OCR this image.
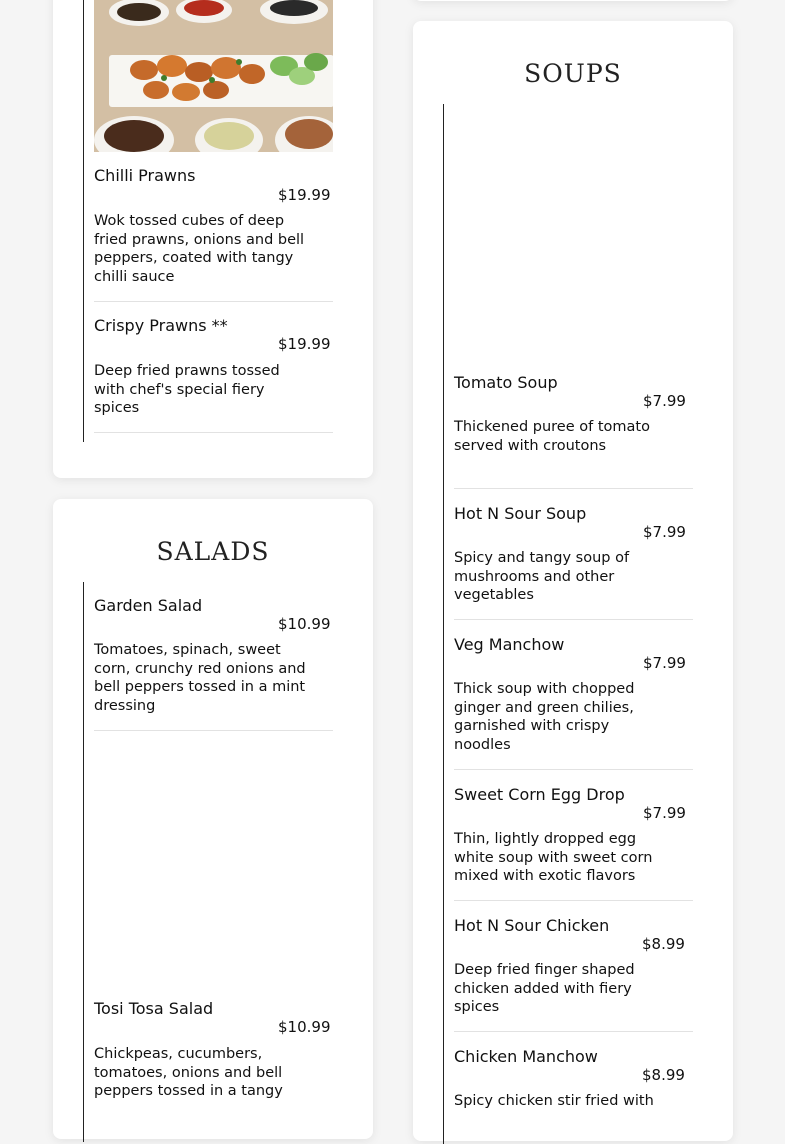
Chilli Prawns
$19.99
Wok tossed cubes of deep fried prawns, onions and bell peppers, coated with tangy chilli sauce
Crispy Prawns **
$19.99
Deep fried prawns tossed with chef's special fiery spices
SALADS
Garden Salad
$10.99
Tomatoes, spinach, sweet corn, crunchy red onions and bell peppers tossed in a mint dressing
Tosi Tosa Salad
$10.99
Chickpeas, cucumbers, tomatoes, onions and bell peppers tossed in a tangy
SOUPS
Tomato Soup
$7.99
Thickened puree of tomato served with croutons
Hot N Sour Soup
$7.99
Spicy and tangy soup of mushrooms and other vegetables
Veg Manchow
$7.99
Thick soup with chopped ginger and green chilies, garnished with crispy noodles
Sweet Corn Egg Drop
$7.99
Thin, lightly dropped egg white soup with sweet corn mixed with exotic flavors
Hot N Sour Chicken
$8.99
Deep fried finger shaped chicken added with fiery spices
Chicken Manchow
$8.99
Spicy chicken stir fried with
